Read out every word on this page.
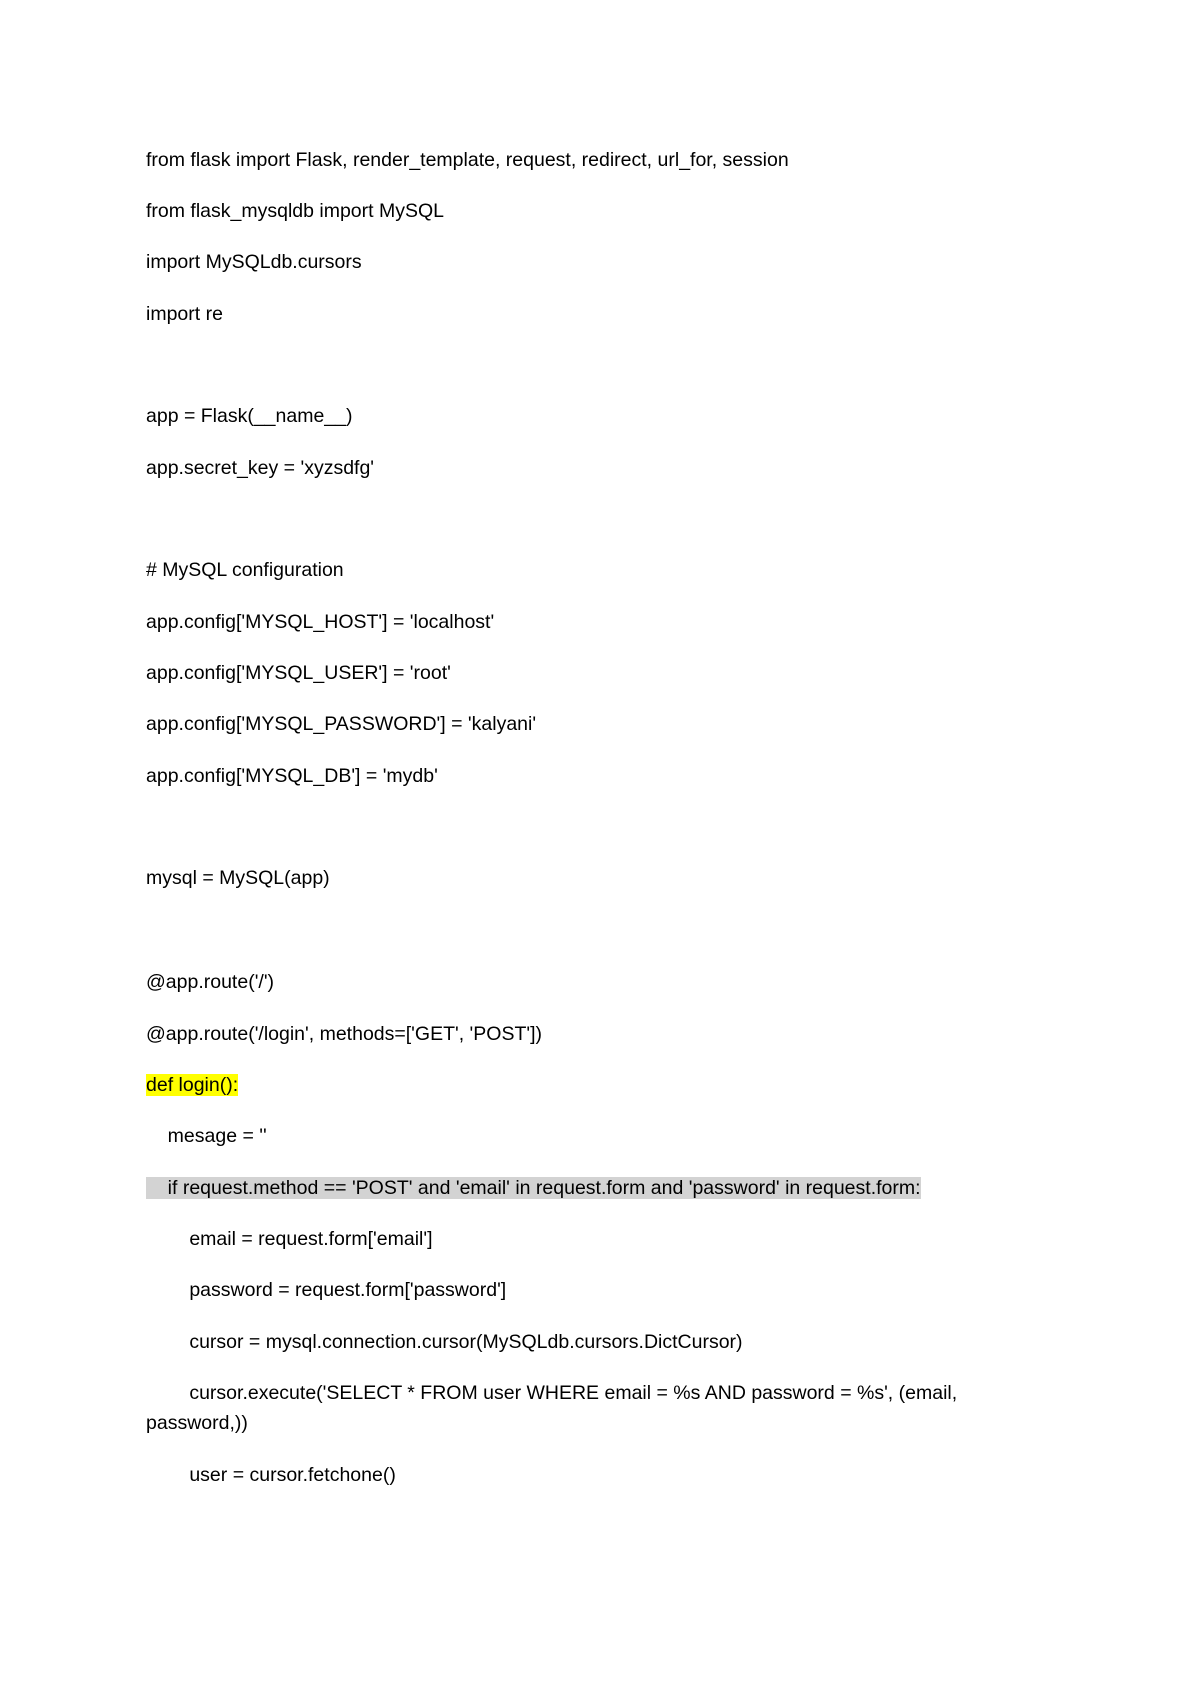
from flask import Flask, render_template, request, redirect, url_for, session
from flask_mysqldb import MySQL
import MySQLdb.cursors
import re
app = Flask(__name__)
app.secret_key = 'xyzsdfg'
# MySQL configuration
app.config['MYSQL_HOST'] = 'localhost'
app.config['MYSQL_USER'] = 'root'
app.config['MYSQL_PASSWORD'] = 'kalyani'
app.config['MYSQL_DB'] = 'mydb'
mysql = MySQL(app)
@app.route('/')
@app.route('/login', methods=['GET', 'POST'])
def login():
mesage = ''
if request.method == 'POST' and 'email' in request.form and 'password' in request.form:
email = request.form['email']
password = request.form['password']
cursor = mysql.connection.cursor(MySQLdb.cursors.DictCursor)
cursor.execute('SELECT * FROM user WHERE email = %s AND password = %s', (email,
password,))
user = cursor.fetchone()
